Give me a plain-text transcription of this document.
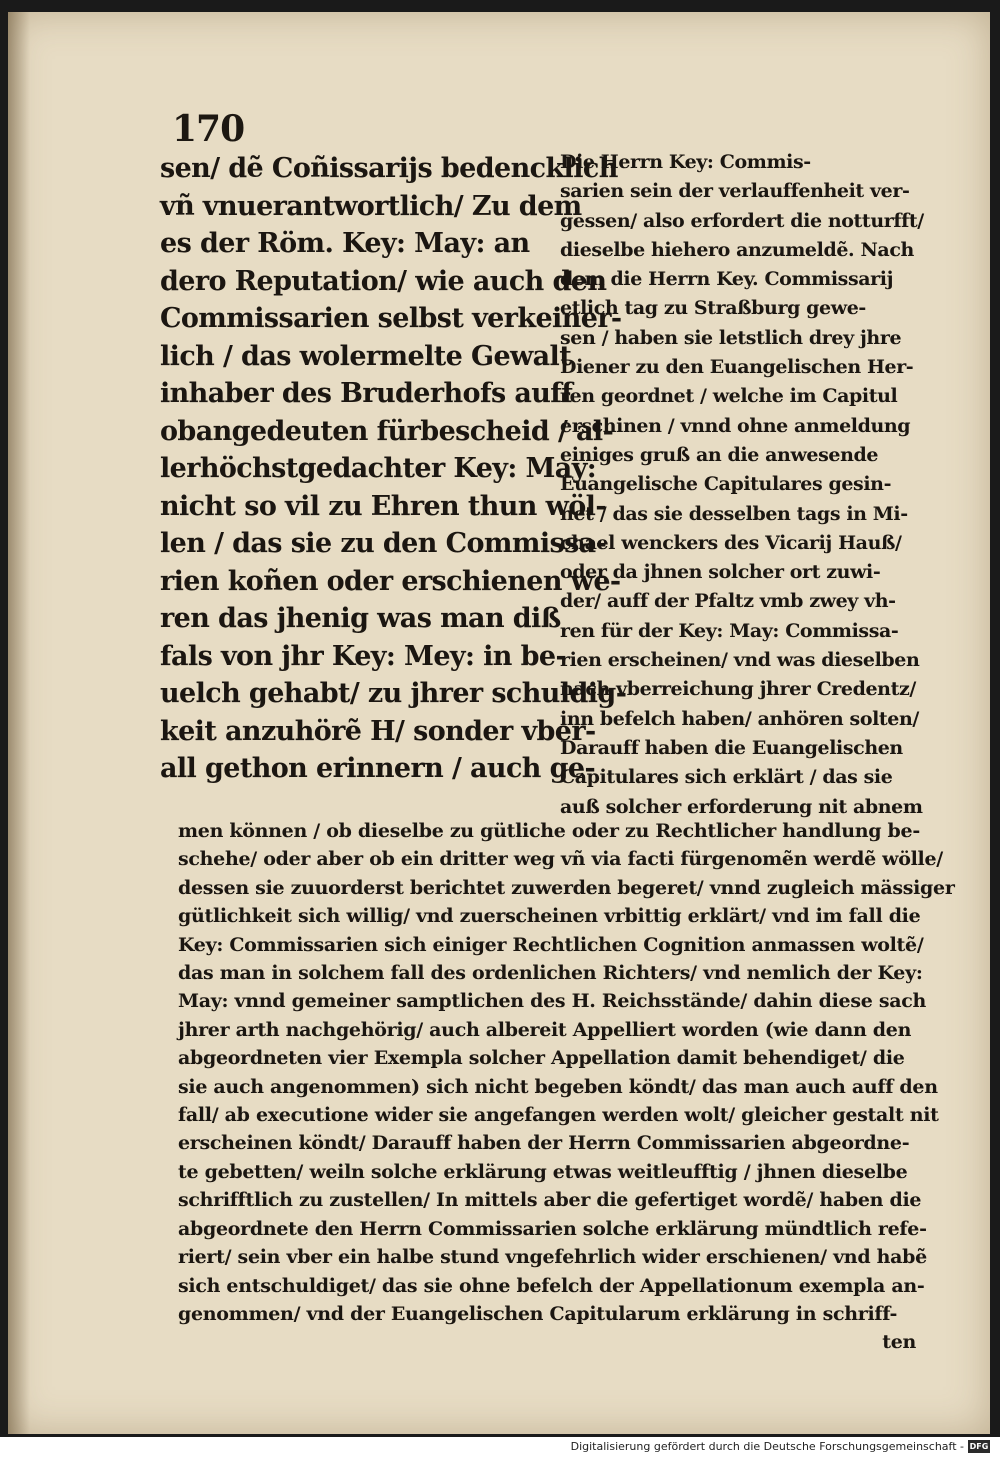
170
sen/ dẽ Coñissarijs bedencklich
vñ vnuerantwortlich/ Zu dem
es der Röm. Key: May: an
dero Reputation/ wie auch den
Commissarien selbst verkeiner-
lich / das wolermelte Gewalt
inhaber des Bruderhofs auff
obangedeuten fürbescheid / al-
lerhöchstgedachter Key: May:
nicht so vil zu Ehren thun wöl-
len / das sie zu den Commissa-
rien koñen oder erschienen we-
ren das jhenig was man diß
fals von jhr Key: Mey: in be-
uelch gehabt/ zu jhrer schuldig-
keit anzuhörẽ H/ sonder vber-
all gethon erinnern / auch ge-
Die Herrn Key: Commis-
sarien sein der verlauffenheit ver-
gessen/ also erfordert die notturfft/
dieselbe hiehero anzumeldẽ. Nach
dem die Herrn Key. Commissarij
etlich tag zu Straßburg gewe-
sen / haben sie letstlich drey jhre
Diener zu den Euangelischen Her-
ren geordnet / welche im Capitul
erschinen / vnnd ohne anmeldung
einiges gruß an die anwesende
Euangelische Capitulares gesin-
net / das sie desselben tags in Mi-
chael wenckers des Vicarij Hauß/
oder da jhnen solcher ort zuwi-
der/ auff der Pfaltz vmb zwey vh-
ren für der Key: May: Commissa-
rien erscheinen/ vnd was dieselben
nach vberreichung jhrer Credentz/
inn befelch haben/ anhören solten/
Darauff haben die Euangelischen
Capitulares sich erklärt / das sie
auß solcher erforderung nit abnem
men können / ob dieselbe zu gütliche oder zu Rechtlicher handlung be-
schehe/ oder aber ob ein dritter weg vñ via facti fürgenomẽn werdẽ wölle/
dessen sie zuuorderst berichtet zuwerden begeret/ vnnd zugleich mässiger
gütlichkeit sich willig/ vnd zuerscheinen vrbittig erklärt/ vnd im fall die
Key: Commissarien sich einiger Rechtlichen Cognition anmassen woltẽ/
das man in solchem fall des ordenlichen Richters/ vnd nemlich der Key:
May: vnnd gemeiner samptlichen des H. Reichsstände/ dahin diese sach
jhrer arth nachgehörig/ auch albereit Appelliert worden (wie dann den
abgeordneten vier Exempla solcher Appellation damit behendiget/ die
sie auch angenommen) sich nicht begeben köndt/ das man auch auff den
fall/ ab executione wider sie angefangen werden wolt/ gleicher gestalt nit
erscheinen köndt/ Darauff haben der Herrn Commissarien abgeordne-
te gebetten/ weiln solche erklärung etwas weitleufftig / jhnen dieselbe
schrifftlich zu zustellen/ In mittels aber die gefertiget wordẽ/ haben die
abgeordnete den Herrn Commissarien solche erklärung mündtlich refe-
riert/ sein vber ein halbe stund vngefehrlich wider erschienen/ vnd habẽ
sich entschuldiget/ das sie ohne befelch der Appellationum exempla an-
genommen/ vnd der Euangelischen Capitularum erklärung in schriff-
ten
Digitalisierung gefördert durch die Deutsche Forschungsgemeinschaft - DFG
